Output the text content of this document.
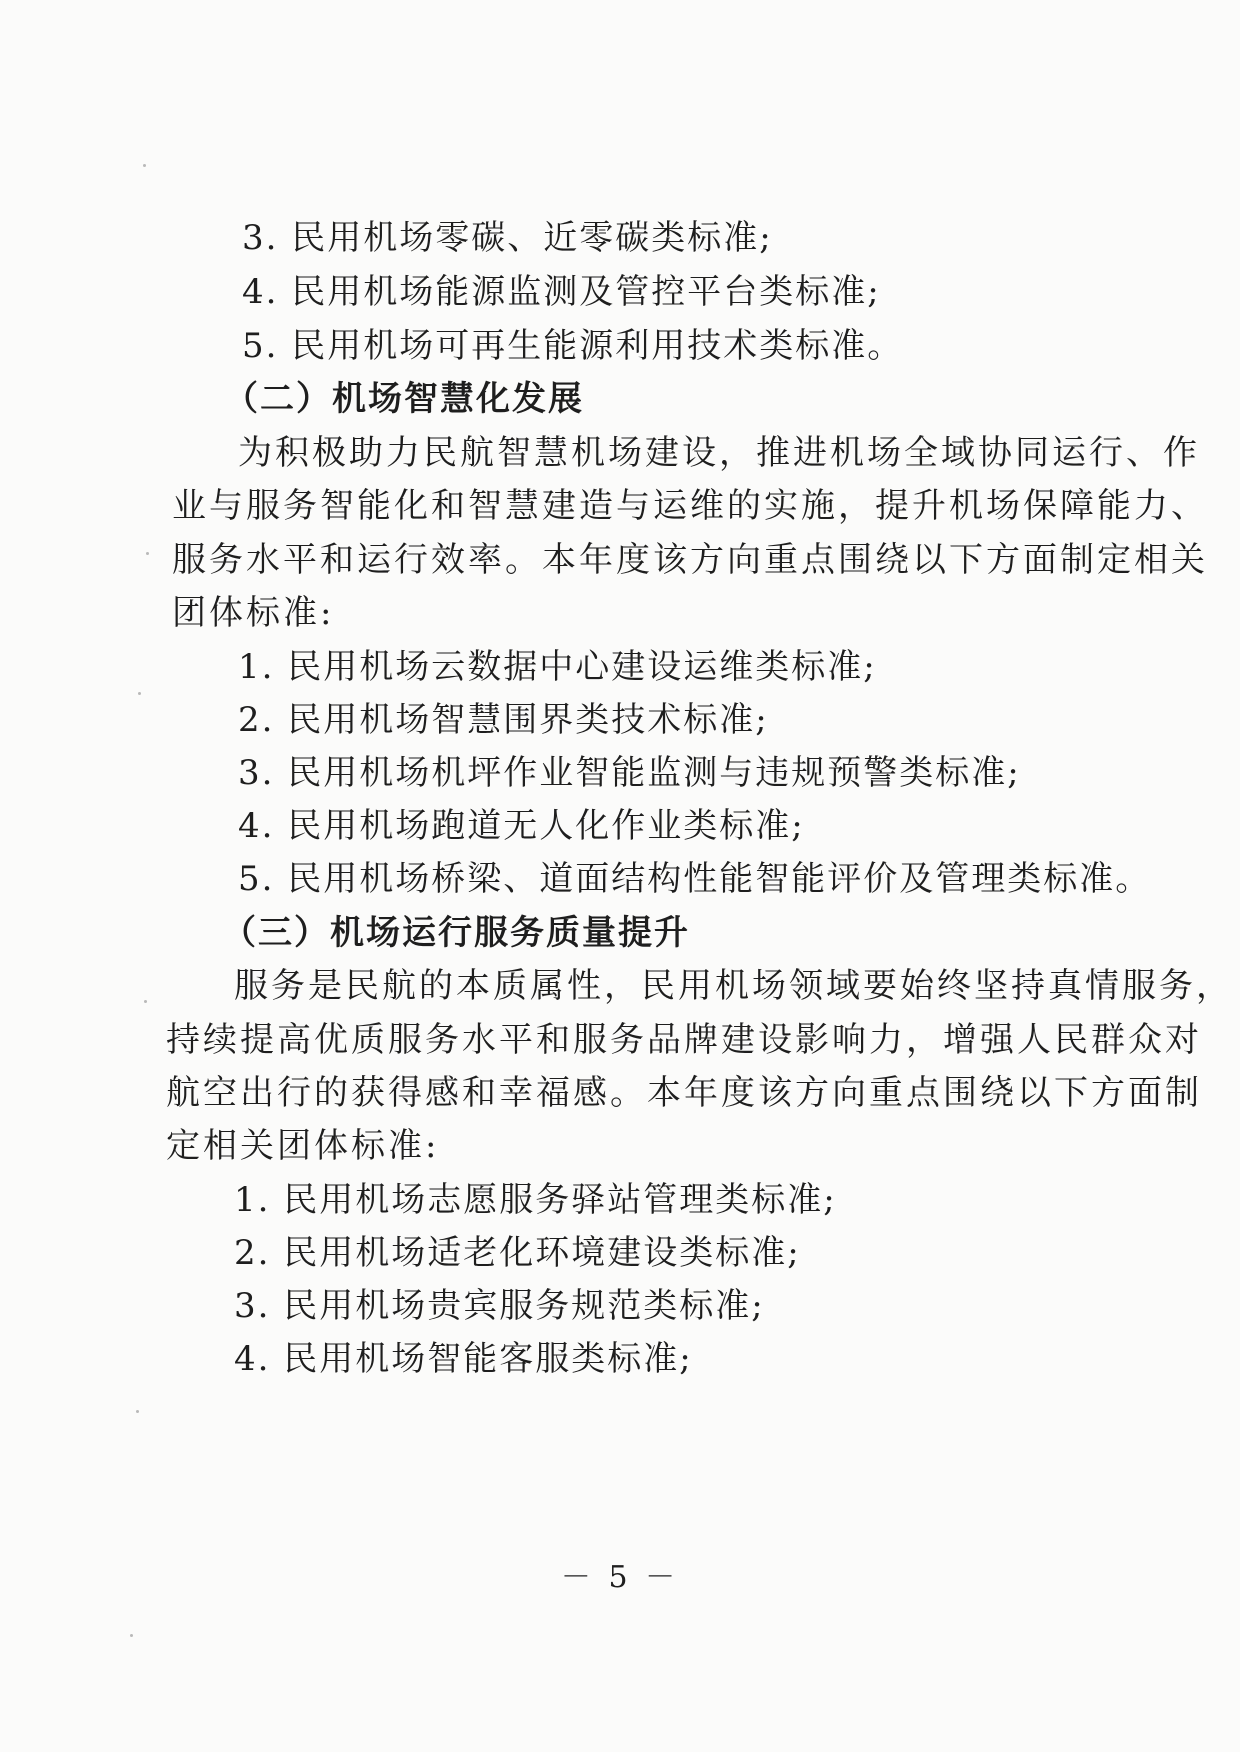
3. 民用机场零碳、近零碳类标准;
4. 民用机场能源监测及管控平台类标准;
5. 民用机场可再生能源利用技术类标准。
（二）机场智慧化发展
为积极助力民航智慧机场建设，推进机场全域协同运行、作
业与服务智能化和智慧建造与运维的实施，提升机场保障能力、
服务水平和运行效率。本年度该方向重点围绕以下方面制定相关
团体标准:
1. 民用机场云数据中心建设运维类标准;
2. 民用机场智慧围界类技术标准;
3. 民用机场机坪作业智能监测与违规预警类标准;
4. 民用机场跑道无人化作业类标准;
5. 民用机场桥梁、道面结构性能智能评价及管理类标准。
（三）机场运行服务质量提升
服务是民航的本质属性，民用机场领域要始终坚持真情服务，
持续提高优质服务水平和服务品牌建设影响力，增强人民群众对
航空出行的获得感和幸福感。本年度该方向重点围绕以下方面制
定相关团体标准:
1. 民用机场志愿服务驿站管理类标准;
2. 民用机场适老化环境建设类标准;
3. 民用机场贵宾服务规范类标准;
4. 民用机场智能客服类标准;
－ 5 －
